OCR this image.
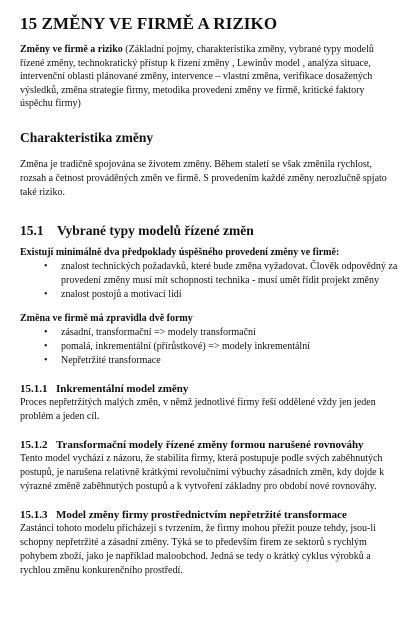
15 ZMĚNY VE FIRMĚ A RIZIKO

Změny ve firmě a riziko (Základní pojmy, charakteristika změny, vybrané typy modelů řízené změny, technokratický přístup k řízení změny , Lewinův model , analýza situace, intervenční oblasti plánované změny, intervence – vlastní změna, verifikace dosažených výsledků, změna strategie firmy, metodika provedení změny ve firmě, kritické faktory úspěchu firmy)

Charakteristika změny

Změna je tradičně spojována se životem změny. Během staletí se však změnila rychlost, rozsah a četnost prováděných změn ve firmě. S provedením každé změny nerozlučně spjato také riziko.

15.1 Vybrané typy modelů řízené změn

Existují minimálně dva předpoklady úspěšného provedení změny ve firmě:

• znalost technických požadavků, které bude změna vyžadovat. Člověk odpovědný za provedení změny musí mít schopnosti technika - musí umět řídit projekt změny
• znalost postojů a motivací lidí

Změna ve firmě má zpravidla dvě formy

• zásadní, transformační => modely transformační
• pomalá, inkrementální (přírůstkové) => modely inkrementální
• Nepřetržité transformace
15.1.1 Inkrementální model změny

Proces nepřetržitých malých změn, v němž jednotlivé firmy řeší oddělené vždy jen jeden problém a jeden cíl.

15.1.2 Transformační modely řízené změny formou narušené rovnováhy

Tento model vychází z názoru, že stabilita firmy, která postupuje podle svých zaběhnutých postupů, je narušena relativně krátkými revolučními výbuchy zásadních změn, kdy dojde k výrazné změně zaběhnutých postupů a k vytvoření základny pro období nové rovnováhy.

15.1.3 Model změny firmy prostřednictvím nepřetržité transformace

Zastánci tohoto modelu přicházejí s tvrzením, že firmy mohou přežít pouze tehdy, jsou-li schopny nepřetržité a zásadní změny. Týká se to především firem ze sektorů s rychlým pohybem zboží, jako je například maloobchod. Jedná se tedy o krátký cyklus výrobků a rychlou změnu konkurenčního prostředí.
